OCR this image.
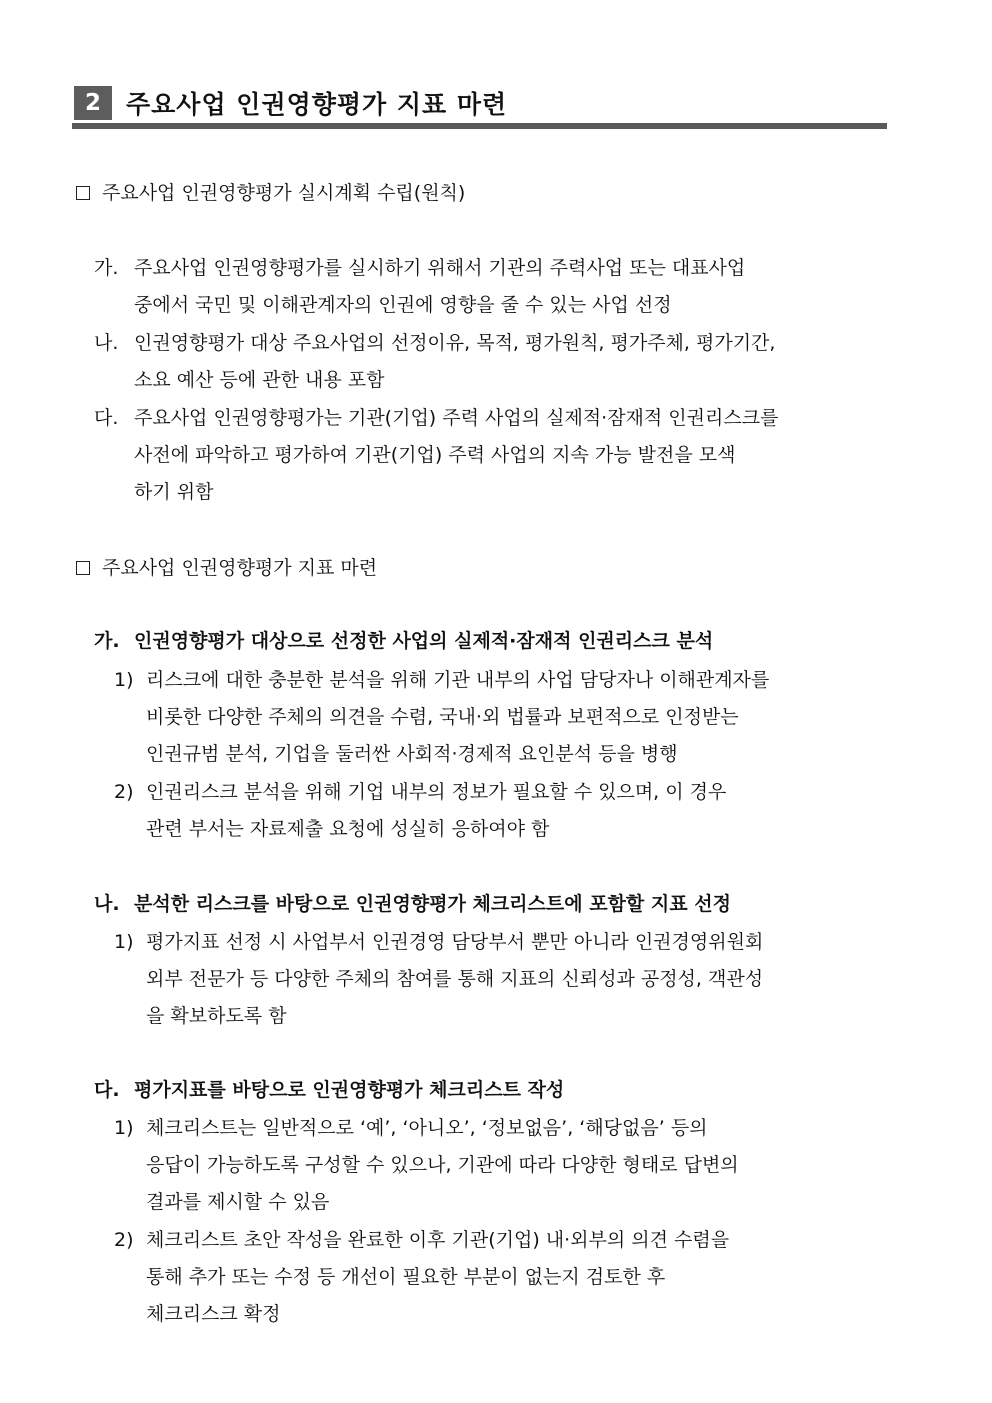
2	주요사업 인권영향평가 지표 마련
주요사업 인권영향평가 실시계획 수립(원칙)
가. 주요사업 인권영향평가를 실시하기 위해서 기관의 주력사업 또는 대표사업
중에서 국민 및 이해관계자의 인권에 영향을 줄 수 있는 사업 선정
나. 인권영향평가 대상 주요사업의 선정이유, 목적, 평가원칙, 평가주체, 평가기간,
소요 예산 등에 관한 내용 포함
다. 주요사업 인권영향평가는 기관(기업) 주력 사업의 실제적·잠재적 인권리스크를
사전에 파악하고 평가하여 기관(기업) 주력 사업의 지속 가능 발전을 모색
하기 위함
주요사업 인권영향평가 지표 마련
가. 인권영향평가 대상으로 선정한 사업의 실제적·잠재적 인권리스크 분석
1) 리스크에 대한 충분한 분석을 위해 기관 내부의 사업 담당자나 이해관계자를
비롯한 다양한 주체의 의견을 수렴, 국내·외 법률과 보편적으로 인정받는
인권규범 분석, 기업을 둘러싼 사회적·경제적 요인분석 등을 병행
2) 인권리스크 분석을 위해 기업 내부의 정보가 필요할 수 있으며, 이 경우
관련 부서는 자료제출 요청에 성실히 응하여야 함
나. 분석한 리스크를 바탕으로 인권영향평가 체크리스트에 포함할 지표 선정
1) 평가지표 선정 시 사업부서 인권경영 담당부서 뿐만 아니라 인권경영위원회
외부 전문가 등 다양한 주체의 참여를 통해 지표의 신뢰성과 공정성, 객관성
을 확보하도록 함
다. 평가지표를 바탕으로 인권영향평가 체크리스트 작성
1) 체크리스트는 일반적으로 ‘예’, ‘아니오’, ‘정보없음’, ‘해당없음’ 등의
응답이 가능하도록 구성할 수 있으나, 기관에 따라 다양한 형태로 답변의
결과를 제시할 수 있음
2) 체크리스트 초안 작성을 완료한 이후 기관(기업) 내·외부의 의견 수렴을
통해 추가 또는 수정 등 개선이 필요한 부분이 없는지 검토한 후
체크리스크 확정
